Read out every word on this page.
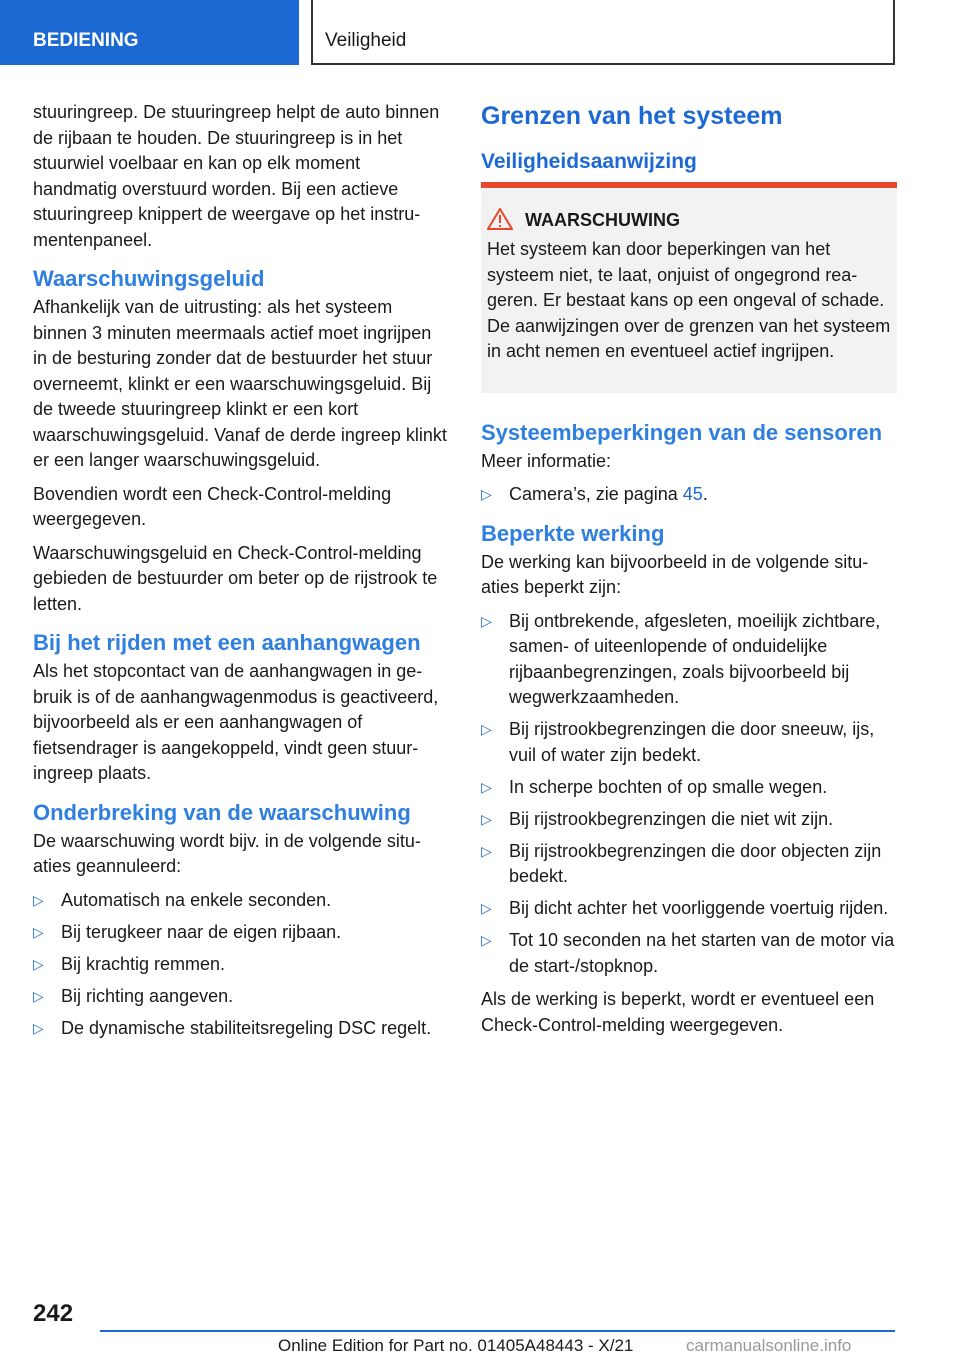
BEDIENING	Veiligheid

stuuringreep. De stuuringreep helpt de auto binnen de rijbaan te houden. De stuuringreep is in het stuurwiel voelbaar en kan op elk moment handmatig overstuurd worden. Bij een actieve stuuringreep knippert de weergave op het instrumentenpaneel.

Waarschuwingsgeluid

Afhankelijk van de uitrusting: als het systeem binnen 3 minuten meermaals actief moet ingrijpen in de besturing zonder dat de bestuurder het stuur overneemt, klinkt er een waarschuwingsgeluid. Bij de tweede stuuringreep klinkt er een kort waarschuwingsgeluid. Vanaf de derde ingreep klinkt er een langer waarschuwingsgeluid.

Bovendien wordt een Check-Control-melding weergegeven.

Waarschuwingsgeluid en Check-Control-melding gebieden de bestuurder om beter op de rijstrook te letten.

Bij het rijden met een aanhangwagen

Als het stopcontact van de aanhangwagen in gebruik is of de aanhangwagenmodus is geactiveerd, bijvoorbeeld als er een aanhangwagen of fietsendrager is aangekoppeld, vindt geen stuuringreep plaats.

Onderbreking van de waarschuwing

De waarschuwing wordt bijv. in de volgende situaties geannuleerd:

▷ Automatisch na enkele seconden.
▷ Bij terugkeer naar de eigen rijbaan.
▷ Bij krachtig remmen.
▷ Bij richting aangeven.
▷ De dynamische stabiliteitsregeling DSC regelt.
Grenzen van het systeem
Veiligheidsaanwijzing
WAARSCHUWING

Het systeem kan door beperkingen van het systeem niet, te laat, onjuist of ongegrond reageren. Er bestaat kans op een ongeval of schade. De aanwijzingen over de grenzen van het systeem in acht nemen en eventueel actief ingrijpen.

Systeembeperkingen van de sensoren

Meer informatie:

▷ Camera’s, zie pagina 45.
Beperkte werking

De werking kan bijvoorbeeld in de volgende situaties beperkt zijn:

▷ Bij ontbrekende, afgesleten, moeilijk zichtbare, samen- of uiteenlopende of onduidelijke rijbaanbegrenzingen, zoals bijvoorbeeld bij wegwerkzaamheden.
▷ Bij rijstrookbegrenzingen die door sneeuw, ijs, vuil of water zijn bedekt.
▷ In scherpe bochten of op smalle wegen.
▷ Bij rijstrookbegrenzingen die niet wit zijn.
▷ Bij rijstrookbegrenzingen die door objecten zijn bedekt.
▷ Bij dicht achter het voorliggende voertuig rijden.
▷ Tot 10 seconden na het starten van de motor via de start-/stopknop.

Als de werking is beperkt, wordt er eventueel een Check-Control-melding weergegeven.

242
Online Edition for Part no. 01405A48443 - X/21	carmanualsonline.info
